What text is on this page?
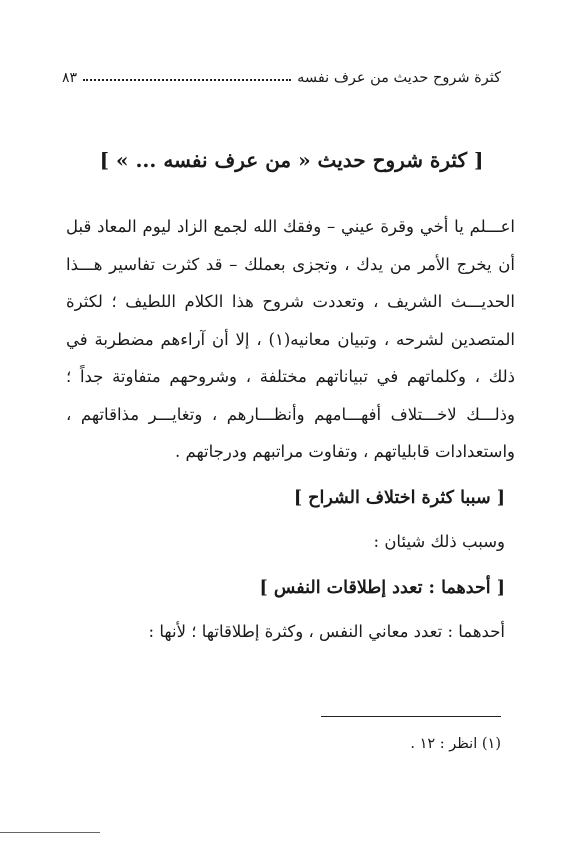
كثرة شروح حديث من عرف نفسه
٨٣
[ كثرة شروح حديث « من عرف نفسه ... » ]

اعـــلم يا أخي وقرة عيني – وفقك الله لجمع الزاد ليوم المعاد قبل أن يخرج الأمر من يدك ، وتجزى بعملك – قد كثرت تفاسير هـــذا الحديـــث الشريف ، وتعددت شروح هذا الكلام اللطيف ؛ لكثرة المتصدين لشرحه ، وتبيان معانيه(١) ، إلا أن آراءهم مضطربة في ذلك ، وكلماتهم في تبياناتهم مختلفة ، وشروحهم متفاوتة جداً ؛ وذلـــك لاخـــتلاف أفهـــامهم وأنظـــارهم ، وتغايـــر مذاقاتهم ، واستعدادات قابلياتهم ، وتفاوت مراتبهم ودرجاتهم .

[ سببا كثرة اختلاف الشراح ]
وسبب ذلك شيئان :
[ أحدهما : تعدد إطلاقات النفس ]
أحدهما : تعدد معاني النفس ، وكثرة إطلاقاتها ؛ لأنها :
(١) انظر : ١٢ .
